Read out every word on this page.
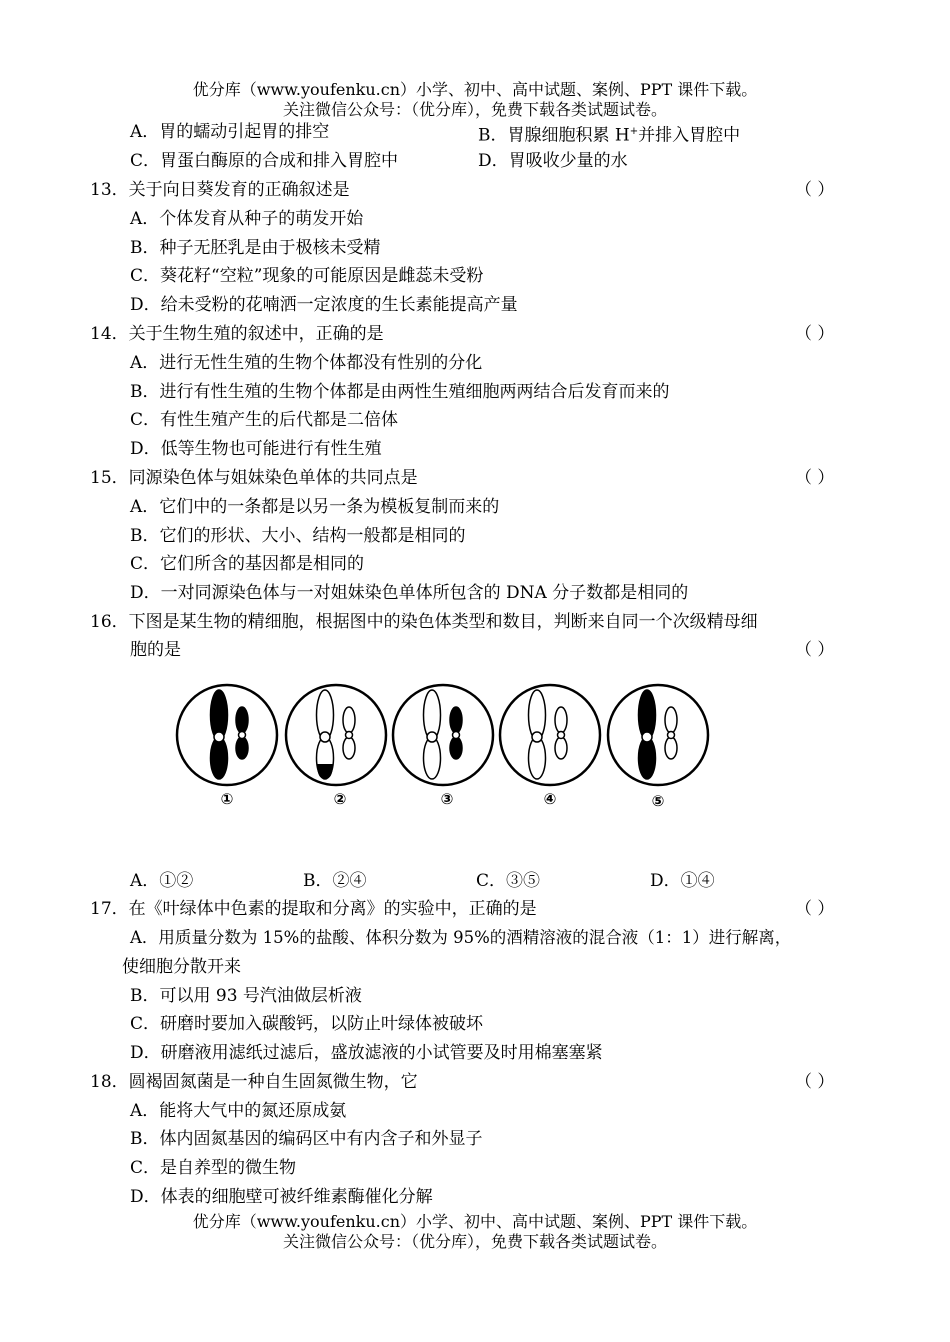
优分库（www.youfenku.cn）小学、初中、高中试题、案例、PPT 课件下载。
关注微信公众号：（优分库），免费下载各类试题试卷。
A．胃的蠕动引起胃的排空	B．胃腺细胞积累 H+并排入胃腔中
C．胃蛋白酶原的合成和排入胃腔中	D．胃吸收少量的水
13．关于向日葵发育的正确叙述是	（ ）
A．个体发育从种子的萌发开始
B．种子无胚乳是由于极核未受精
C．葵花籽“空粒”现象的可能原因是雌蕊未受粉
D．给未受粉的花喃洒一定浓度的生长素能提高产量
14．关于生物生殖的叙述中，正确的是	（ ）
A．进行无性生殖的生物个体都没有性别的分化
B．进行有性生殖的生物个体都是由两性生殖细胞两两结合后发育而来的
C．有性生殖产生的后代都是二倍体
D．低等生物也可能进行有性生殖
15．同源染色体与姐妹染色单体的共同点是	（ ）
A．它们中的一条都是以另一条为模板复制而来的
B．它们的形状、大小、结构一般都是相同的
C．它们所含的基因都是相同的
D．一对同源染色体与一对姐妹染色单体所包含的 DNA 分子数都是相同的
16．下图是某生物的精细胞，根据图中的染色体类型和数目，判断来自同一个次级精母细
胞的是	（ ）
①	②	③	④	⑤
A．①②	B．②④	C．③⑤	D．①④
17．在《叶绿体中色素的提取和分离》的实验中，正确的是	（ ）
A．用质量分数为 15%的盐酸、体积分数为 95%的酒精溶液的混合液（1：1）进行解离，
使细胞分散开来
B．可以用 93 号汽油做层析液
C．研磨时要加入碳酸钙，以防止叶绿体被破坏
D．研磨液用滤纸过滤后，盛放滤液的小试管要及时用棉塞塞紧
18．圆褐固氮菌是一种自生固氮微生物，它	（ ）
A．能将大气中的氮还原成氨
B．体内固氮基因的编码区中有内含子和外显子
C．是自养型的微生物
D．体表的细胞壁可被纤维素酶催化分解
优分库（www.youfenku.cn）小学、初中、高中试题、案例、PPT 课件下载。
关注微信公众号：（优分库），免费下载各类试题试卷。
